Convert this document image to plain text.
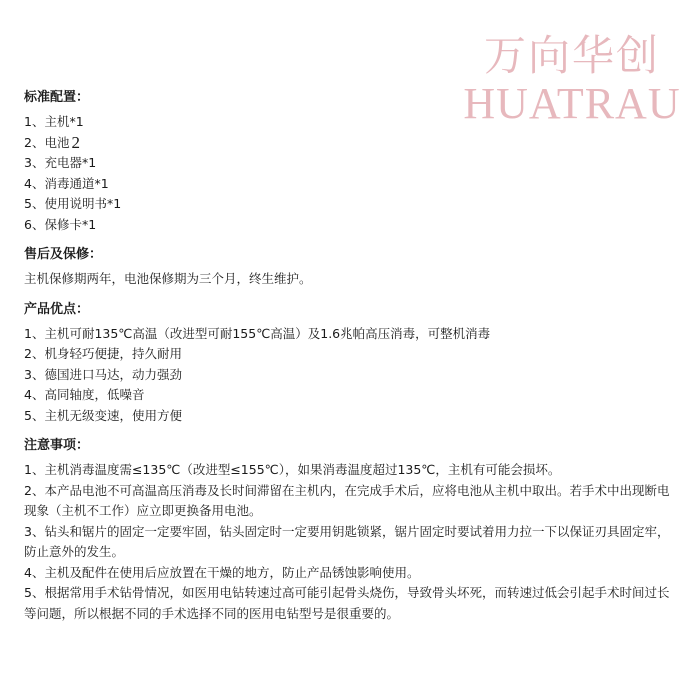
万向华创
HUATRAU

标准配置：

1、主机*1

2、电池 2

3、充电器*1

4、消毒通道*1

5、使用说明书*1

6、保修卡*1

售后及保修：

主机保修期两年，电池保修期为三个月，终生维护。

产品优点：

1、主机可耐135℃高温（改进型可耐155℃高温）及1.6兆帕高压消毒，可整机消毒

2、机身轻巧便捷，持久耐用

3、德国进口马达，动力强劲

4、高同轴度，低噪音

5、主机无级变速，使用方便

注意事项：

1、主机消毒温度需≤135℃（改进型≤155℃），如果消毒温度超过135℃，主机有可能会损坏。

2、本产品电池不可高温高压消毒及长时间滞留在主机内，在完成手术后，应将电池从主机中取出。若手术中出现断电现象（主机不工作）应立即更换备用电池。

3、钻头和锯片的固定一定要牢固，钻头固定时一定要用钥匙锁紧，锯片固定时要试着用力拉一下以保证刃具固定牢，防止意外的发生。

4、主机及配件在使用后应放置在干燥的地方，防止产品锈蚀影响使用。

5、根据常用手术钻骨情况，如医用电钻转速过高可能引起骨头烧伤，导致骨头坏死，而转速过低会引起手术时间过长等问题，所以根据不同的手术选择不同的医用电钻型号是很重要的。
